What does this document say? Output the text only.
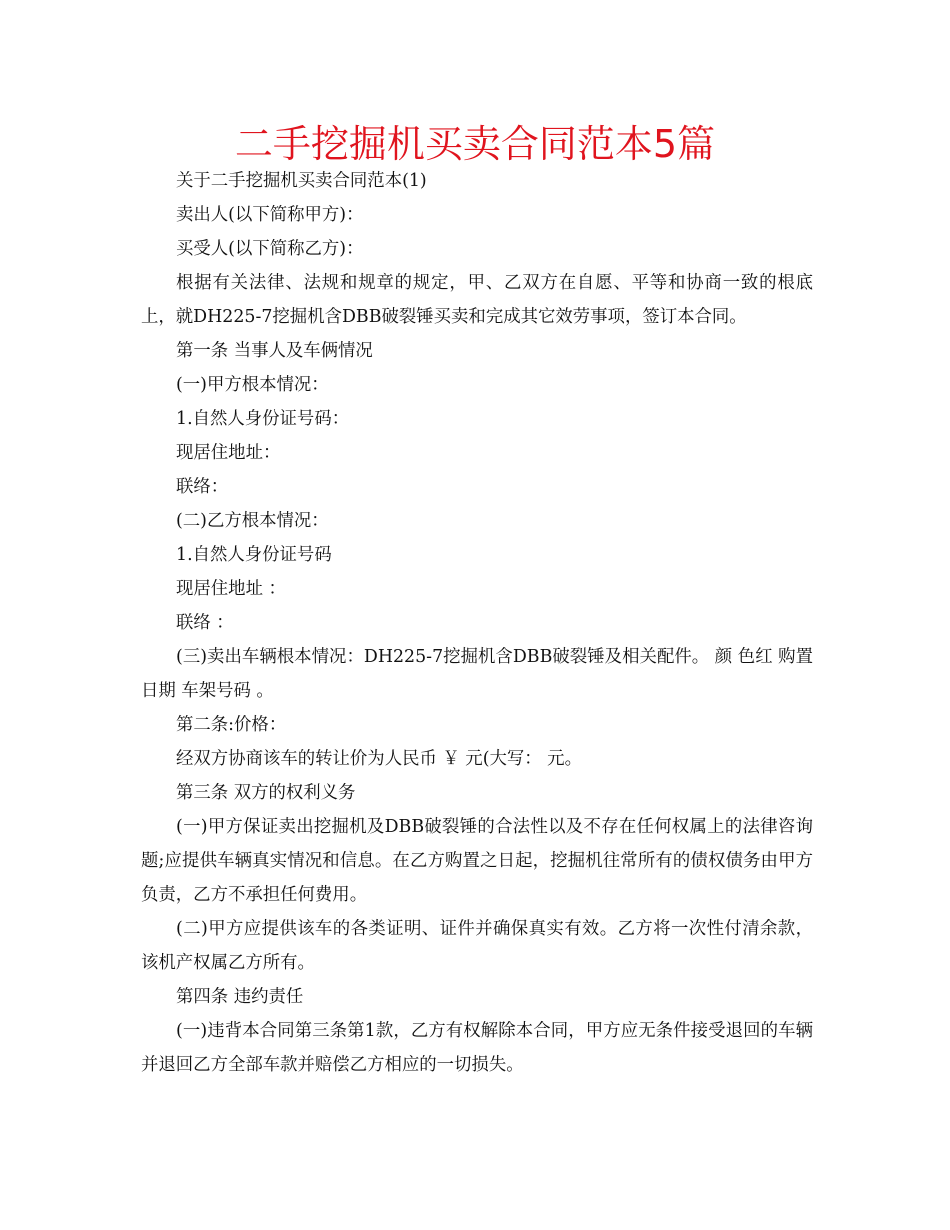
二手挖掘机买卖合同范本5篇

关于二手挖掘机买卖合同范本(1)

卖出人(以下简称甲方)：

买受人(以下简称乙方)：

根据有关法律、法规和规章的规定，甲、乙双方在自愿、平等和协商一致的根底上，就DH225-7挖掘机含DBB破裂锤买卖和完成其它效劳事项，签订本合同。

第一条 当事人及车俩情况

(一)甲方根本情况：

1.自然人身份证号码：

现居住地址：

联络：

(二)乙方根本情况：

1.自然人身份证号码

现居住地址 ：

联络 ：

(三)卖出车辆根本情况：DH225-7挖掘机含DBB破裂锤及相关配件。 颜 色红 购置日期 车架号码 。

第二条:价格：

经双方协商该车的转让价为人民币 ￥ 元(大写： 元。

第三条 双方的权利义务

(一)甲方保证卖出挖掘机及DBB破裂锤的合法性以及不存在任何权属上的法律咨询题;应提供车辆真实情况和信息。在乙方购置之日起，挖掘机往常所有的债权债务由甲方负责，乙方不承担任何费用。

(二)甲方应提供该车的各类证明、证件并确保真实有效。乙方将一次性付清余款，该机产权属乙方所有。

第四条 违约责任

(一)违背本合同第三条第1款，乙方有权解除本合同，甲方应无条件接受退回的车辆并退回乙方全部车款并赔偿乙方相应的一切损失。
